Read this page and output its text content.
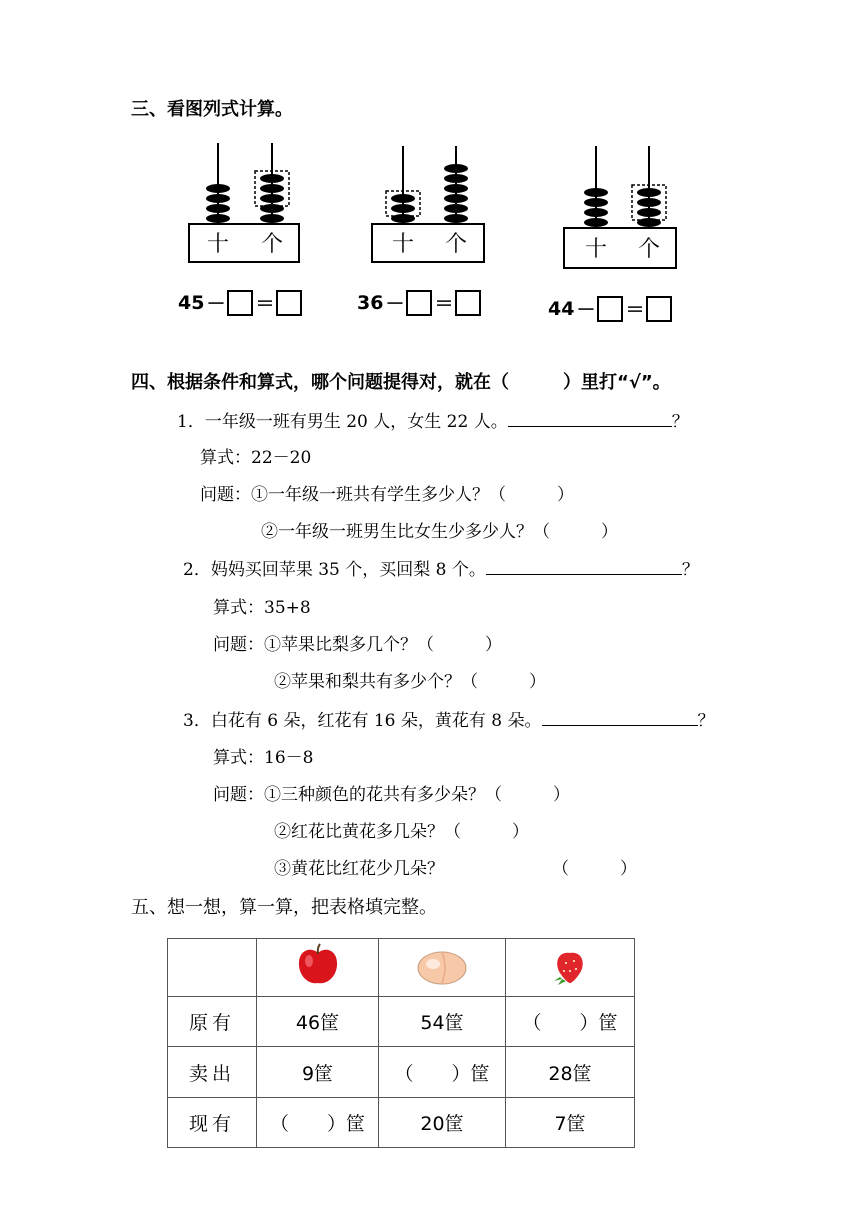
三、看图列式计算。
十 个	十 个	十 个
45 － ＝	36 － ＝	44 － ＝
四、根据条件和算式，哪个问题提得对，就在（　　　）里打“√”。
1．一年级一班有男生 20 人，女生 22 人。	？
算式：22－20
问题：①一年级一班共有学生多少人？（　　　）
②一年级一班男生比女生少多少人？（　　　）
2．妈妈买回苹果 35 个，买回梨 8 个。	？
算式：35+8
问题：①苹果比梨多几个？（　　　）
②苹果和梨共有多少个？（　　　）
3．白花有 6 朵，红花有 16 朵，黄花有 8 朵。	？
算式：16－8
问题：①三种颜色的花共有多少朵？（　　　）
②红花比黄花多几朵？（　　　）
③黄花比红花少几朵？	（　　　）
五、想一想，算一算，把表格填完整。

原有	46筐	54筐	（　　）筐
卖出	9筐	（　　）筐	28筐
现有	（　　）筐	20筐	7筐
